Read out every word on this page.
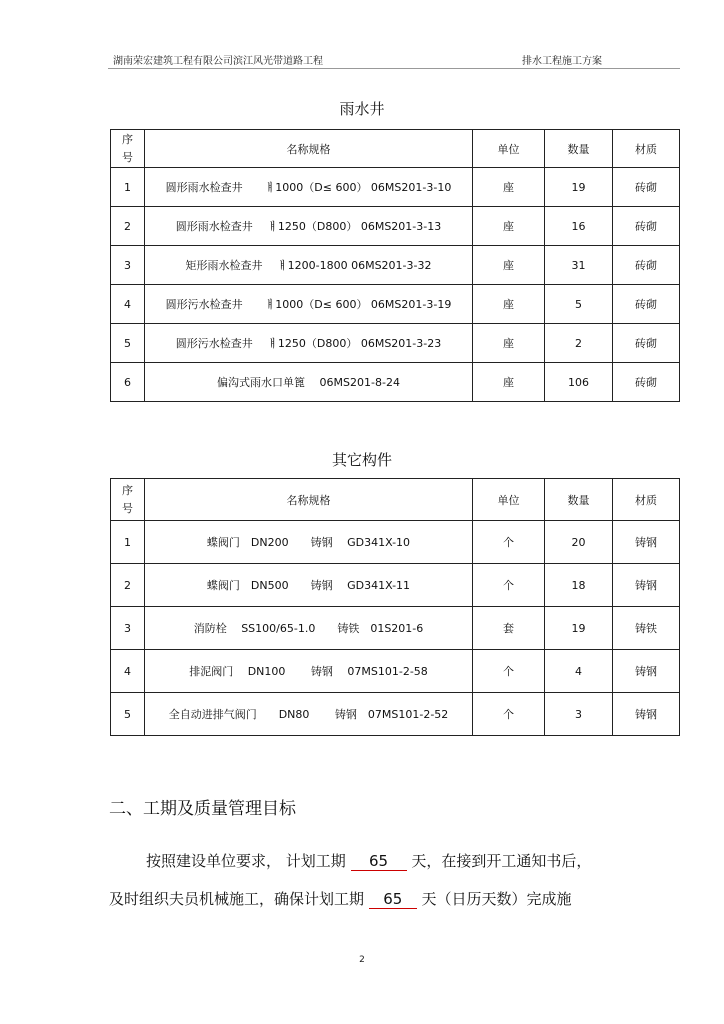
湖南荣宏建筑工程有限公司滨江风光带道路工程	排水工程施工方案
雨水井
序号	名称规格	单位	数量	材质
1	圆形雨水检查井　　ￅ1000（D≤ 600） 06MS201-3-10	座	19	砖砌
2	圆形雨水检查井　 ￅ1250（D800） 06MS201-3-13	座	16	砖砌
3	矩形雨水检查井　 ￅ1200-1800 06MS201-3-32	座	31	砖砌
4	圆形污水检查井　　ￅ1000（D≤ 600） 06MS201-3-19	座	5	砖砌
5	圆形污水检查井　 ￅ1250（D800） 06MS201-3-23	座	2	砖砌
6	偏沟式雨水口单篦　 06MS201-8-24	座	106	砖砌
其它构件
序号	名称规格	单位	数量	材质
1	蝶阀门　DN200　　铸钢　 GD341X-10	个	20	铸钢
2	蝶阀门　DN500　　铸钢　 GD341X-11	个	18	铸钢
3	消防栓　 SS100/65-1.0　　铸铁　01S201-6	套	19	铸铁
4	排泥阀门　 DN100　　 铸钢　 07MS101-2-58	个	4	铸钢
5	全自动进排气阀门　　DN80　　 铸钢　07MS101-2-52	个	3	铸钢
二、工期及质量管理目标
按照建设单位要求， 计划工期 65 天，在接到开工通知书后，
及时组织夫员机械施工，确保计划工期 65 天（日历天数）完成施
2
